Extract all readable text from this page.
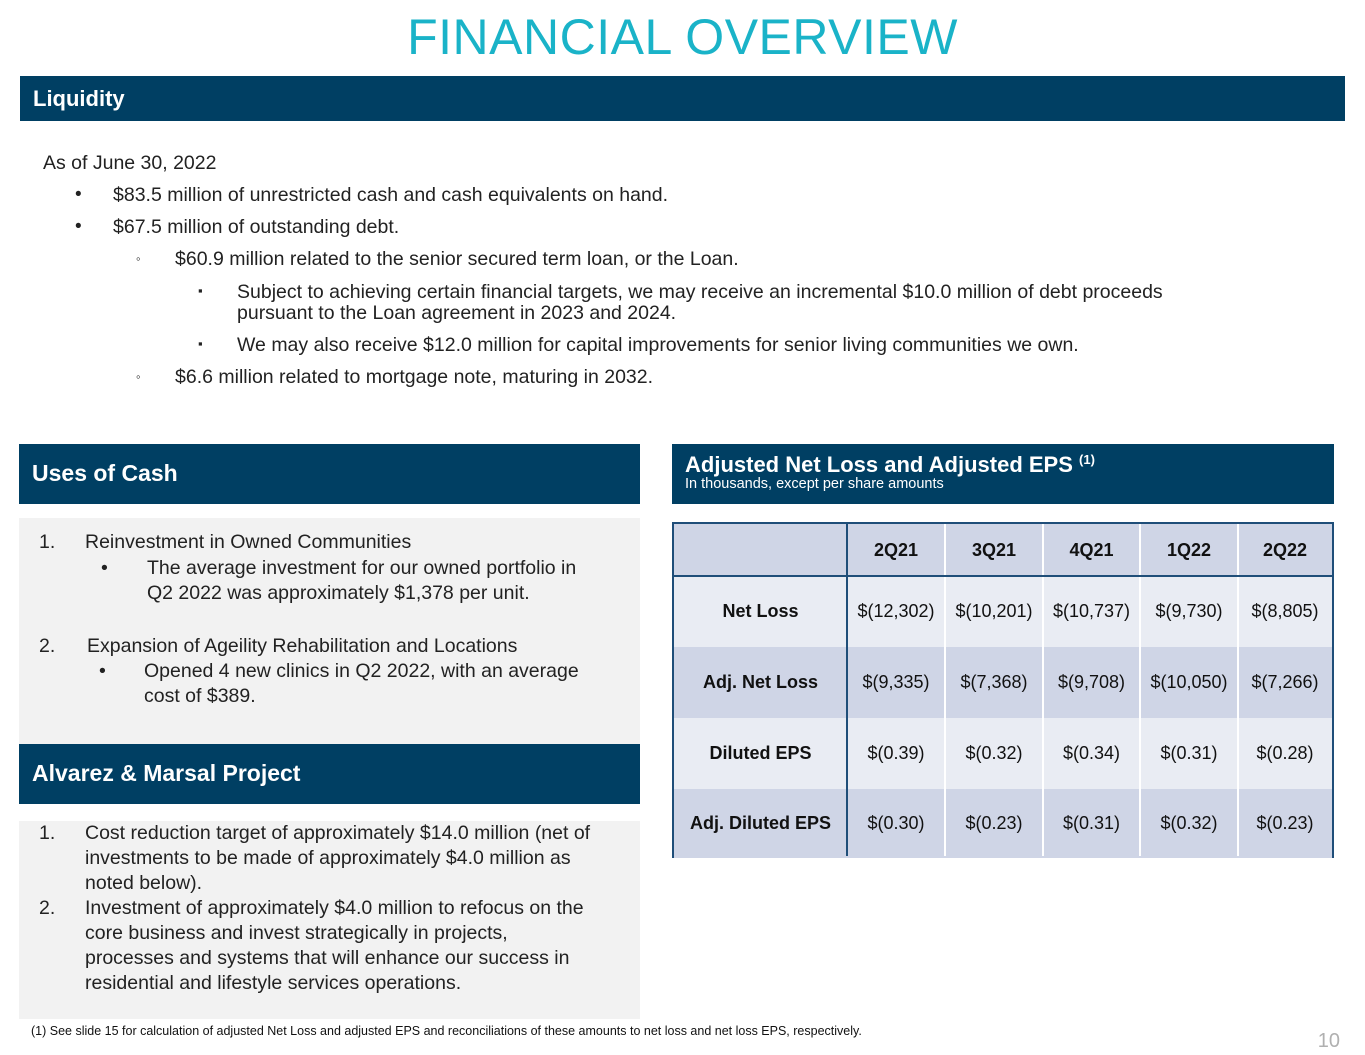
FINANCIAL OVERVIEW
Liquidity
As of June 30, 2022
• $83.5 million of unrestricted cash and cash equivalents on hand.
• $67.5 million of outstanding debt.
◦ $60.9 million related to the senior secured term loan, or the Loan.
▪ Subject to achieving certain financial targets, we may receive an incremental $10.0 million of debt proceeds
pursuant to the Loan agreement in 2023 and 2024.
▪ We may also receive $12.0 million for capital improvements for senior living communities we own.
◦ $6.6 million related to mortgage note, maturing in 2032.
Uses of Cash
1. Reinvestment in Owned Communities
• The average investment for our owned portfolio in
Q2 2022 was approximately $1,378 per unit.
2. Expansion of Ageility Rehabilitation and Locations
• Opened 4 new clinics in Q2 2022, with an average
cost of $389.
Alvarez & Marsal Project
1. Cost reduction target of approximately $14.0 million (net of
investments to be made of approximately $4.0 million as
noted below).
2. Investment of approximately $4.0 million to refocus on the
core business and invest strategically in projects,
processes and systems that will enhance our success in
residential and lifestyle services operations.
Adjusted Net Loss and Adjusted EPS $^{(1)}$
In thousands, except per share amounts
2Q21	3Q21	4Q21	1Q22	2Q22
Net Loss	$(12,302)	$(10,201)	$(10,737)	$(9,730)	$(8,805)
Adj. Net Loss	$(9,335)	$(7,368)	$(9,708)	$(10,050)	$(7,266)
Diluted EPS	$(0.39)	$(0.32)	$(0.34)	$(0.31)	$(0.28)
Adj. Diluted EPS	$(0.30)	$(0.23)	$(0.31)	$(0.32)	$(0.23)
(1) See slide 15 for calculation of adjusted Net Loss and adjusted EPS and reconciliations of these amounts to net loss and net loss EPS, respectively.	10
